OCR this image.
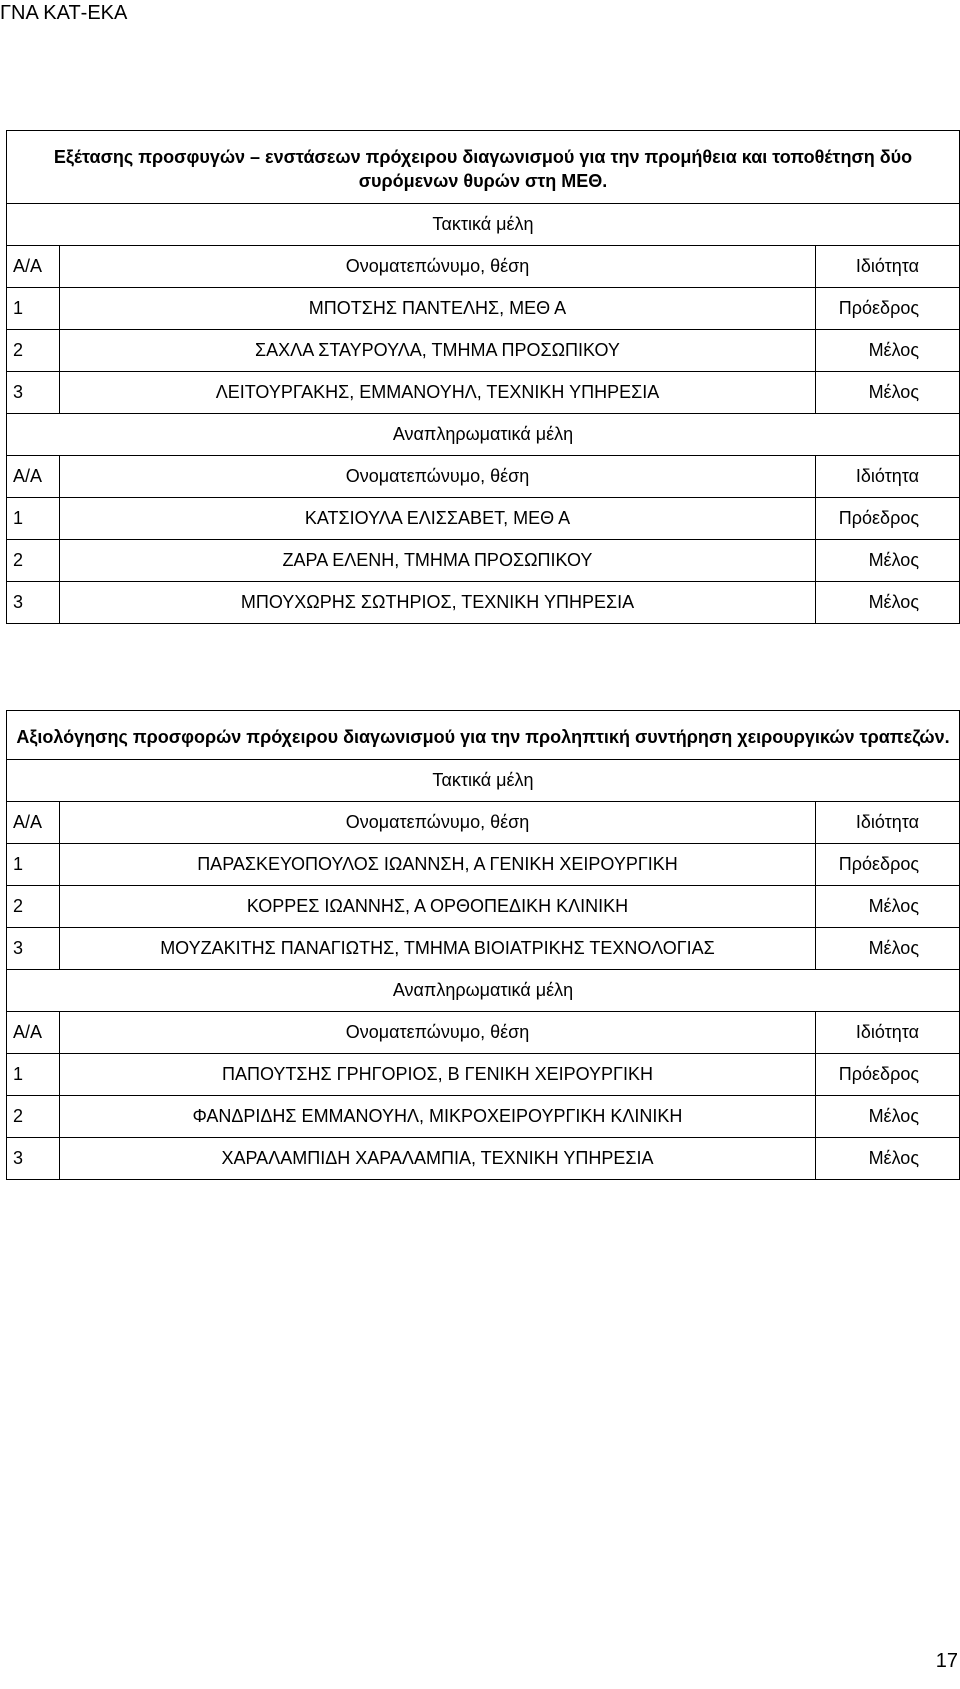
ΓΝΑ ΚΑΤ-ΕΚΑ
Εξέτασης προσφυγών – ενστάσεων πρόχειρου διαγωνισμού για την προμήθεια και τοποθέτηση δύο συρόμενων θυρών στη ΜΕΘ.		
Τακτικά μέλη		
Α/Α	Ονοματεπώνυμο, θέση	Ιδιότητα
1	ΜΠΟΤΣΗΣ ΠΑΝΤΕΛΗΣ, ΜΕΘ Α	Πρόεδρος
2	ΣΑΧΛΑ ΣΤΑΥΡΟΥΛΑ, ΤΜΗΜΑ ΠΡΟΣΩΠΙΚΟΥ	Μέλος
3	ΛΕΙΤΟΥΡΓΑΚΗΣ, ΕΜΜΑΝΟΥΗΛ, ΤΕΧΝΙΚΗ ΥΠΗΡΕΣΙΑ	Μέλος
Αναπληρωματικά μέλη		
Α/Α	Ονοματεπώνυμο, θέση	Ιδιότητα
1	ΚΑΤΣΙΟΥΛΑ ΕΛΙΣΣΑΒΕΤ, ΜΕΘ Α	Πρόεδρος
2	ΖΑΡΑ ΕΛΕΝΗ, ΤΜΗΜΑ ΠΡΟΣΩΠΙΚΟΥ	Μέλος
3	ΜΠΟΥΧΩΡΗΣ ΣΩΤΗΡΙΟΣ, ΤΕΧΝΙΚΗ ΥΠΗΡΕΣΙΑ	Μέλος
Αξιολόγησης προσφορών πρόχειρου διαγωνισμού για την προληπτική συντήρηση χειρουργικών τραπεζών.		
Τακτικά μέλη		
Α/Α	Ονοματεπώνυμο, θέση	Ιδιότητα
1	ΠΑΡΑΣΚΕΥΟΠΟΥΛΟΣ ΙΩΑΝΝΣΗ, Α ΓΕΝΙΚΗ ΧΕΙΡΟΥΡΓΙΚΗ	Πρόεδρος
2	ΚΟΡΡΕΣ ΙΩΑΝΝΗΣ, Α ΟΡΘΟΠΕΔΙΚΗ ΚΛΙΝΙΚΗ	Μέλος
3	ΜΟΥΖΑΚΙΤΗΣ ΠΑΝΑΓΙΩΤΗΣ, ΤΜΗΜΑ ΒΙΟΙΑΤΡΙΚΗΣ ΤΕΧΝΟΛΟΓΙΑΣ	Μέλος
Αναπληρωματικά μέλη		
Α/Α	Ονοματεπώνυμο, θέση	Ιδιότητα
1	ΠΑΠΟΥΤΣΗΣ ΓΡΗΓΟΡΙΟΣ, Β ΓΕΝΙΚΗ ΧΕΙΡΟΥΡΓΙΚΗ	Πρόεδρος
2	ΦΑΝΔΡΙΔΗΣ ΕΜΜΑΝΟΥΗΛ, ΜΙΚΡΟΧΕΙΡΟΥΡΓΙΚΗ ΚΛΙΝΙΚΗ	Μέλος
3	ΧΑΡΑΛΑΜΠΙΔΗ ΧΑΡΑΛΑΜΠΙΑ, ΤΕΧΝΙΚΗ ΥΠΗΡΕΣΙΑ	Μέλος
17
